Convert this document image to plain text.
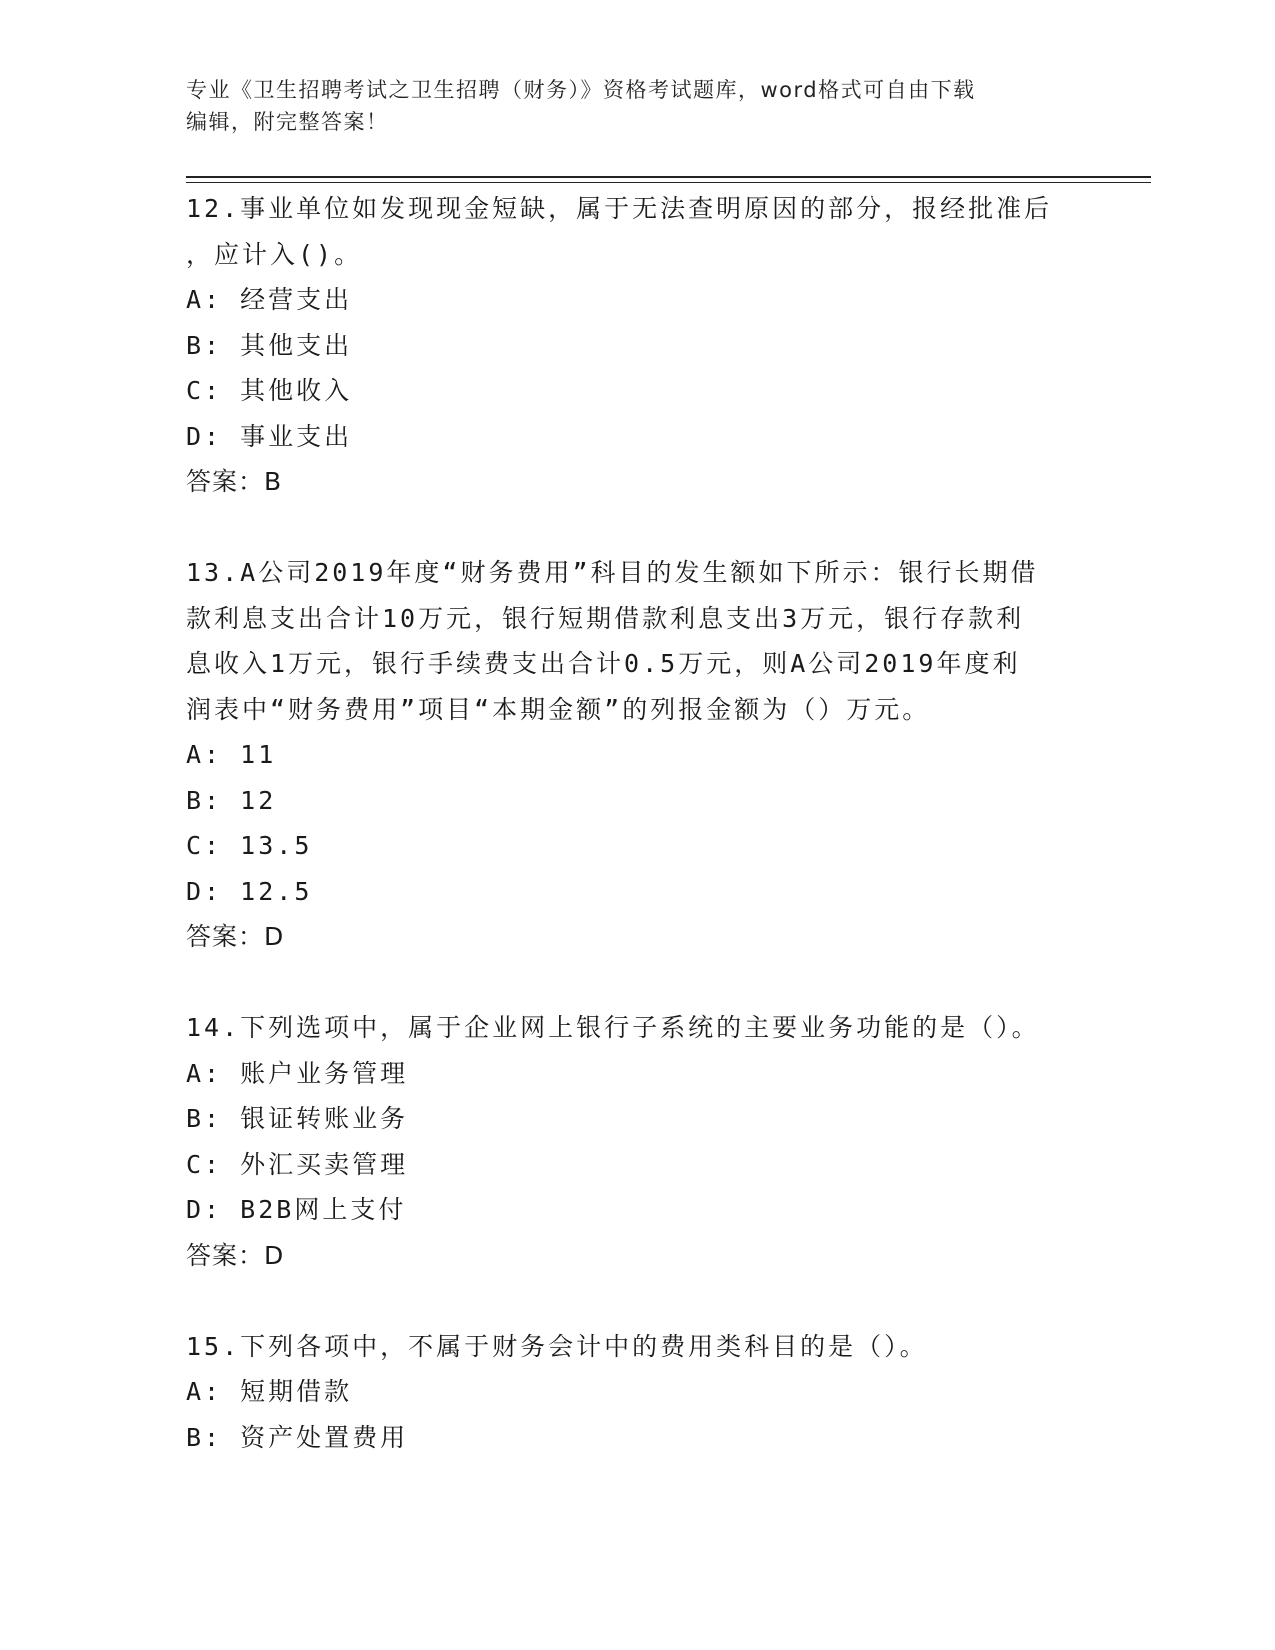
专业《卫生招聘考试之卫生招聘（财务）》资格考试题库，word格式可自由下载
编辑，附完整答案！
12.事业单位如发现现金短缺，属于无法查明原因的部分，报经批准后
，应计入()。
A: 经营支出
B: 其他支出
C: 其他收入
D: 事业支出
答案：B
13.A公司2019年度“财务费用”科目的发生额如下所示：银行长期借
款利息支出合计10万元，银行短期借款利息支出3万元，银行存款利
息收入1万元，银行手续费支出合计0.5万元，则A公司2019年度利
润表中“财务费用”项目“本期金额”的列报金额为（）万元。
A: 11
B: 12
C: 13.5
D: 12.5
答案：D
14.下列选项中，属于企业网上银行子系统的主要业务功能的是（）。
A: 账户业务管理
B: 银证转账业务
C: 外汇买卖管理
D: B2B网上支付
答案：D
15.下列各项中，不属于财务会计中的费用类科目的是（）。
A: 短期借款
B: 资产处置费用
